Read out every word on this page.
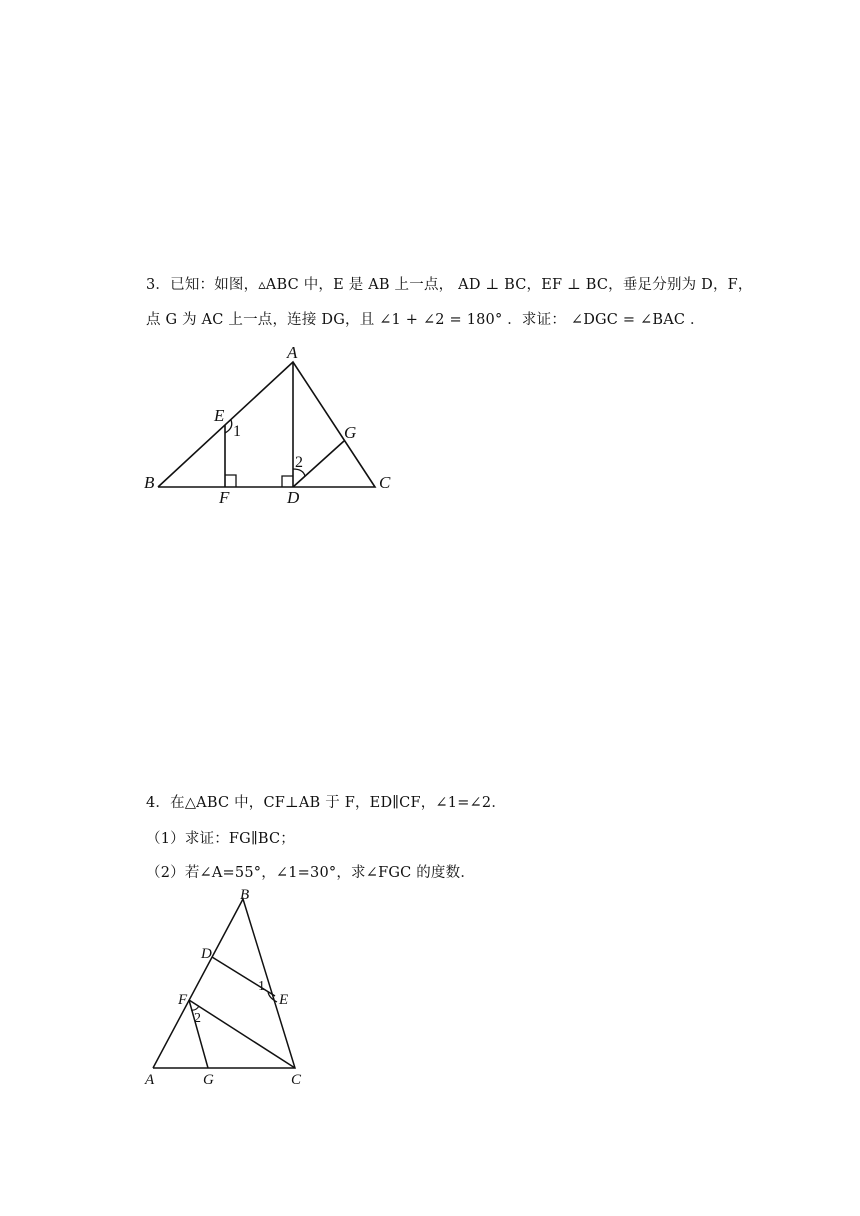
3．已知：如图，▵ABC 中，E 是 AB 上一点， AD ⊥ BC，EF ⊥ BC，垂足分别为 D，F，
点 G 为 AC 上一点，连接 DG，且 ∠1 + ∠2 = 180° ．求证： ∠DGC = ∠BAC ．
A
B	C
D
E
F
G
1
2
4．在△ABC 中，CF⊥AB 于 F，ED∥CF，∠1=∠2．
（1）求证：FG∥BC；
（2）若∠A=55°，∠1=30°，求∠FGC 的度数．
A
B
C
D
E
F
G
1
2
